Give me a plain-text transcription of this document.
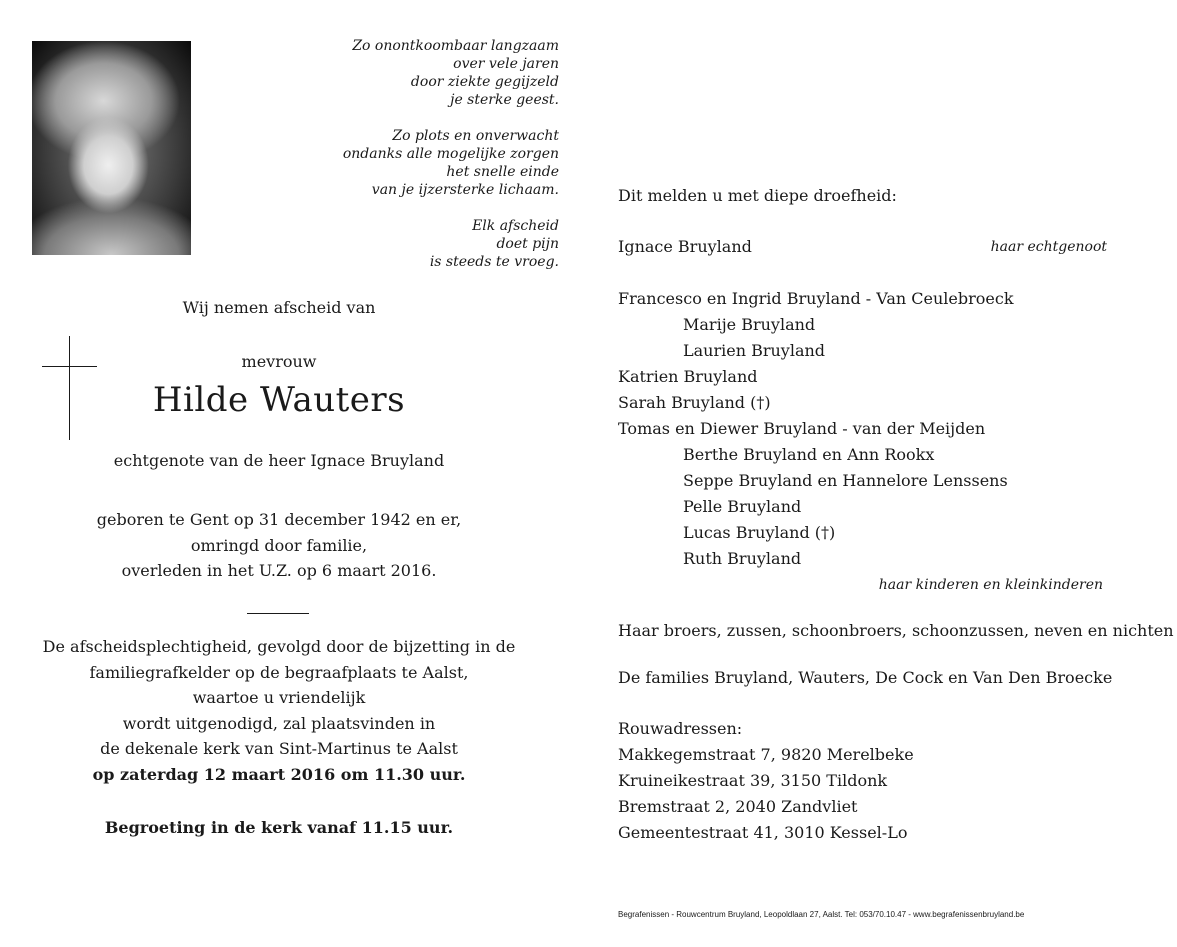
Zo onontkoombaar langzaam
over vele jaren
door ziekte gegijzeld
je sterke geest.
Zo plots en onverwacht
ondanks alle mogelijke zorgen
het snelle einde
van je ijzersterke lichaam.
Elk afscheid
doet pijn
is steeds te vroeg.
Wij nemen afscheid van
mevrouw
Hilde Wauters
echtgenote van de heer Ignace Bruyland
geboren te Gent op 31 december 1942 en er,
omringd door familie,
overleden in het U.Z. op 6 maart 2016.
De afscheidsplechtigheid, gevolgd door de bijzetting in de
familiegrafkelder op de begraafplaats te Aalst,
waartoe u vriendelijk
wordt uitgenodigd, zal plaatsvinden in
de dekenale kerk van Sint-Martinus te Aalst
op zaterdag 12 maart 2016 om 11.30 uur.
Begroeting in de kerk vanaf 11.15 uur.
Dit melden u met diepe droefheid:
Ignace Bruyland	haar echtgenoot
Francesco en Ingrid Bruyland - Van Ceulebroeck
Marije Bruyland
Laurien Bruyland
Katrien Bruyland
Sarah Bruyland (†)
Tomas en Diewer Bruyland - van der Meijden
Berthe Bruyland en Ann Rookx
Seppe Bruyland en Hannelore Lenssens
Pelle Bruyland
Lucas Bruyland (†)
Ruth Bruyland
haar kinderen en kleinkinderen
Haar broers, zussen, schoonbroers, schoonzussen, neven en nichten
De families Bruyland, Wauters, De Cock en Van Den Broecke
Rouwadressen:
Makkegemstraat 7, 9820 Merelbeke
Kruineikestraat 39, 3150 Tildonk
Bremstraat 2, 2040 Zandvliet
Gemeentestraat 41, 3010 Kessel-Lo
Begrafenissen - Rouwcentrum Bruyland, Leopoldlaan 27, Aalst. Tel: 053/70.10.47 - www.begrafenissenbruyland.be
